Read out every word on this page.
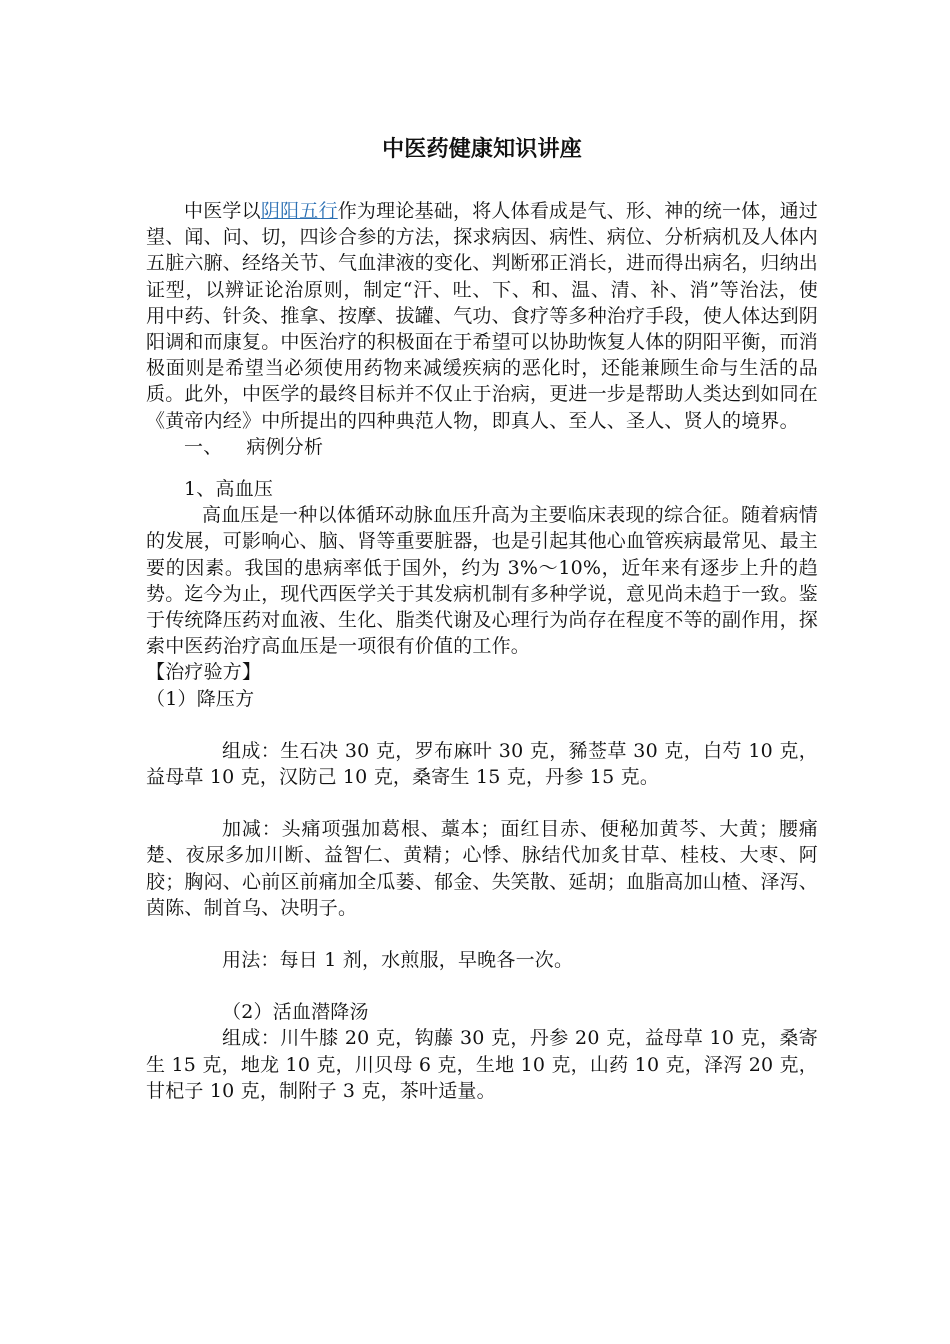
中医药健康知识讲座

中医学以阴阳五行作为理论基础，将人体看成是气、形、神的统一体，通过望、闻、问、切，四诊合参的方法，探求病因、病性、病位、分析病机及人体内五脏六腑、经络关节、气血津液的变化、判断邪正消长，进而得出病名，归纳出证型，以辨证论治原则，制定“汗、吐、下、和、温、清、补、消”等治法，使用中药、针灸、推拿、按摩、拔罐、气功、食疗等多种治疗手段，使人体达到阴阳调和而康复。中医治疗的积极面在于希望可以协助恢复人体的阴阳平衡，而消极面则是希望当必须使用药物来减缓疾病的恶化时，还能兼顾生命与生活的品质。此外，中医学的最终目标并不仅止于治病，更进一步是帮助人类达到如同在《黄帝内经》中所提出的四种典范人物，即真人、至人、圣人、贤人的境界。

一、 病例分析

1、高血压

高血压是一种以体循环动脉血压升高为主要临床表现的综合征。随着病情的发展，可影响心、脑、肾等重要脏器，也是引起其他心血管疾病最常见、最主要的因素。我国的患病率低于国外，约为 3%～10%，近年来有逐步上升的趋势。迄今为止，现代西医学关于其发病机制有多种学说，意见尚未趋于一致。鉴于传统降压药对血液、生化、脂类代谢及心理行为尚存在程度不等的副作用，探索中医药治疗高血压是一项很有价值的工作。

【治疗验方】

（1）降压方

组成：生石决 30 克，罗布麻叶 30 克，豨莶草 30 克，白芍 10 克，益母草 10 克，汉防己 10 克，桑寄生 15 克，丹参 15 克。

加减：头痛项强加葛根、藁本；面红目赤、便秘加黄芩、大黄；腰痛楚、夜尿多加川断、益智仁、黄精；心悸、脉结代加炙甘草、桂枝、大枣、阿胶；胸闷、心前区前痛加全瓜蒌、郁金、失笑散、延胡；血脂高加山楂、泽泻、茵陈、制首乌、决明子。

用法：每日 1 剂，水煎服，早晚各一次。

（2）活血潜降汤

组成：川牛膝 20 克，钩藤 30 克，丹参 20 克，益母草 10 克，桑寄生 15 克，地龙 10 克，川贝母 6 克，生地 10 克，山药 10 克，泽泻 20 克，甘杞子 10 克，制附子 3 克，茶叶适量。
